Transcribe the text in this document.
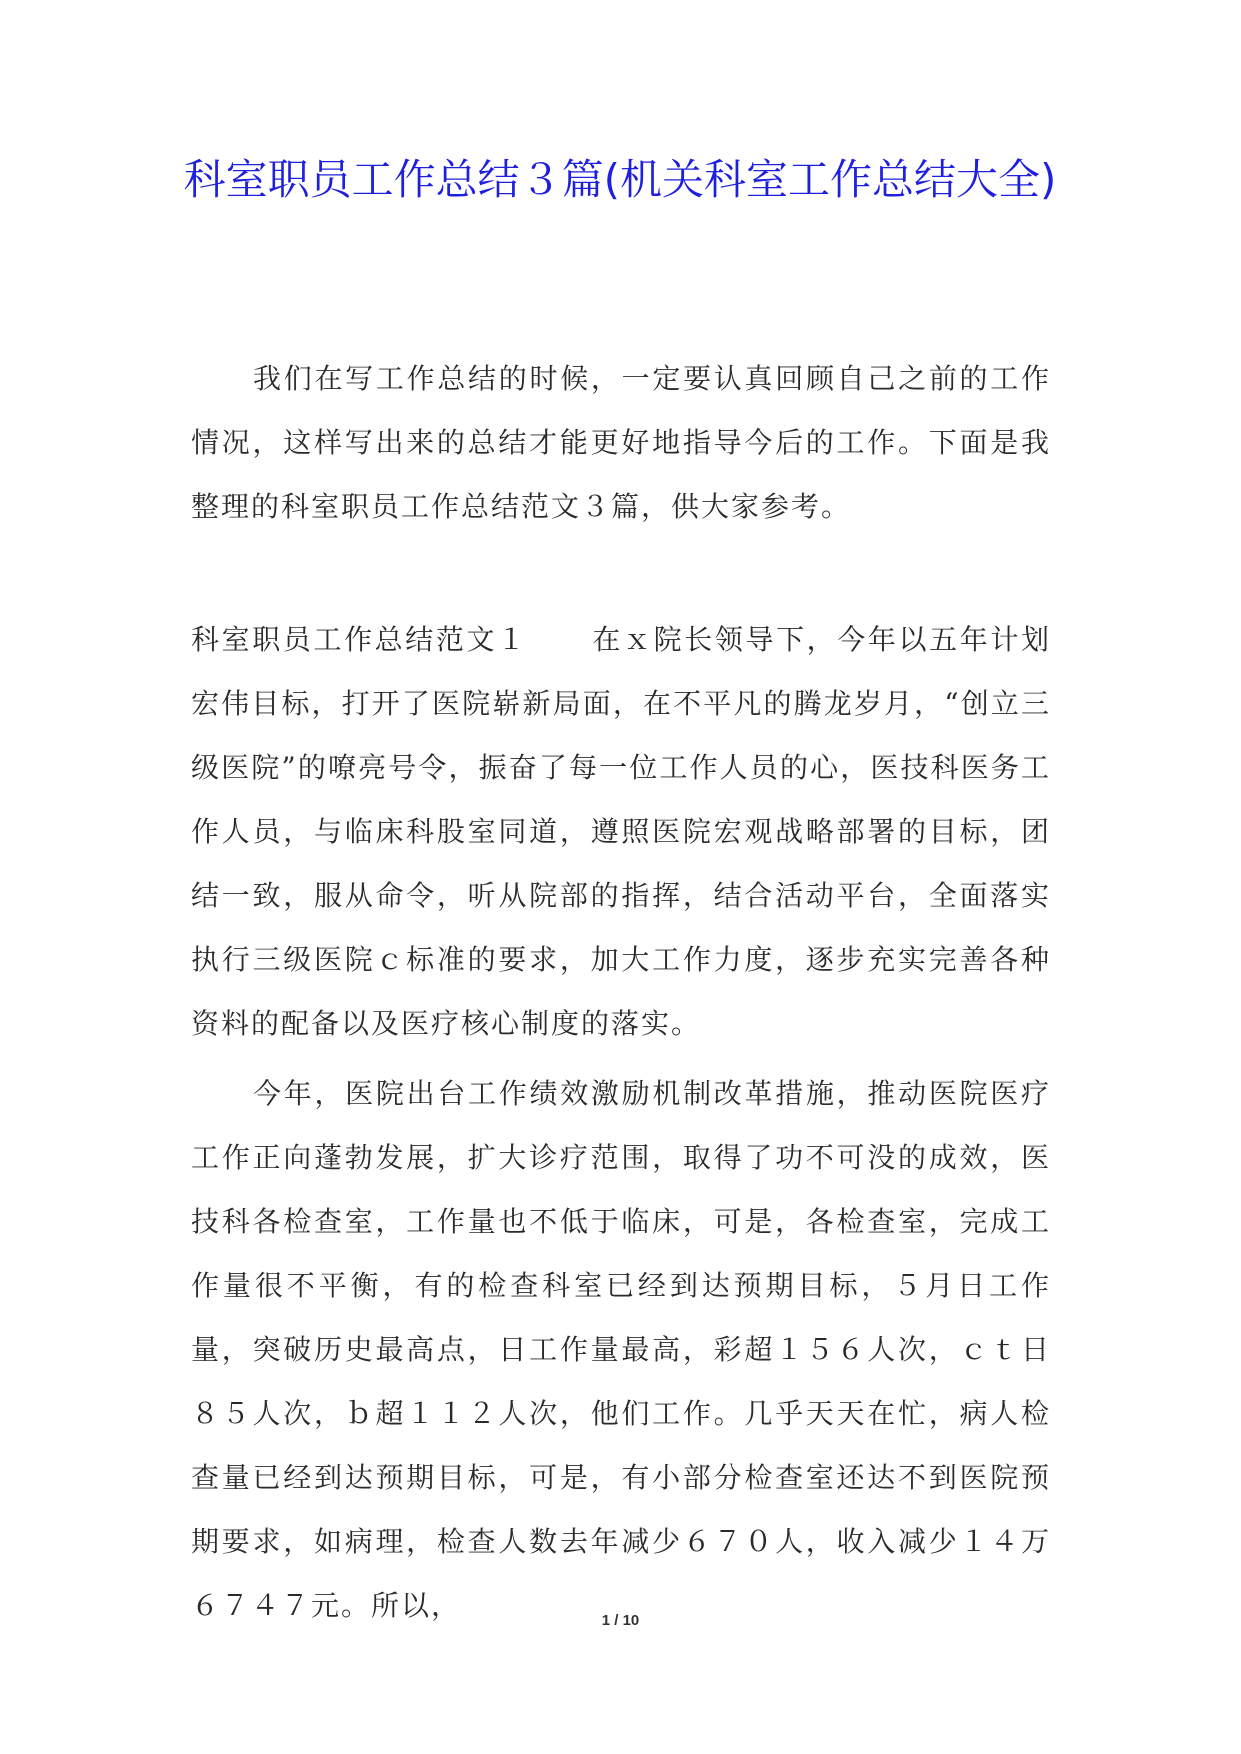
科室职员工作总结３篇(机关科室工作总结大全)

我们在写工作总结的时候，一定要认真回顾自己之前的工作情况，这样写出来的总结才能更好地指导今后的工作。下面是我整理的科室职员工作总结范文３篇，供大家参考。

科室职员工作总结范文１ 在ｘ院长领导下，今年以五年计划宏伟目标，打开了医院崭新局面，在不平凡的腾龙岁月，“创立三级医院”的嘹亮号令，振奋了每一位工作人员的心，医技科医务工作人员，与临床科股室同道，遵照医院宏观战略部署的目标，团结一致，服从命令，听从院部的指挥，结合活动平台，全面落实执行三级医院ｃ标准的要求，加大工作力度，逐步充实完善各种资料的配备以及医疗核心制度的落实。

今年，医院出台工作绩效激励机制改革措施，推动医院医疗工作正向蓬勃发展，扩大诊疗范围，取得了功不可没的成效，医技科各检查室，工作量也不低于临床，可是，各检查室，完成工作量很不平衡，有的检查科室已经到达预期目标，５月日工作量，突破历史最高点，日工作量最高，彩超１５６人次，ｃｔ日８５人次，ｂ超１１２人次，他们工作。几乎天天在忙，病人检查量已经到达预期目标，可是，有小部分检查室还达不到医院预期要求，如病理，检查人数去年减少６７０人，收入减少１４万６７４７元。所以，	1 / 10
